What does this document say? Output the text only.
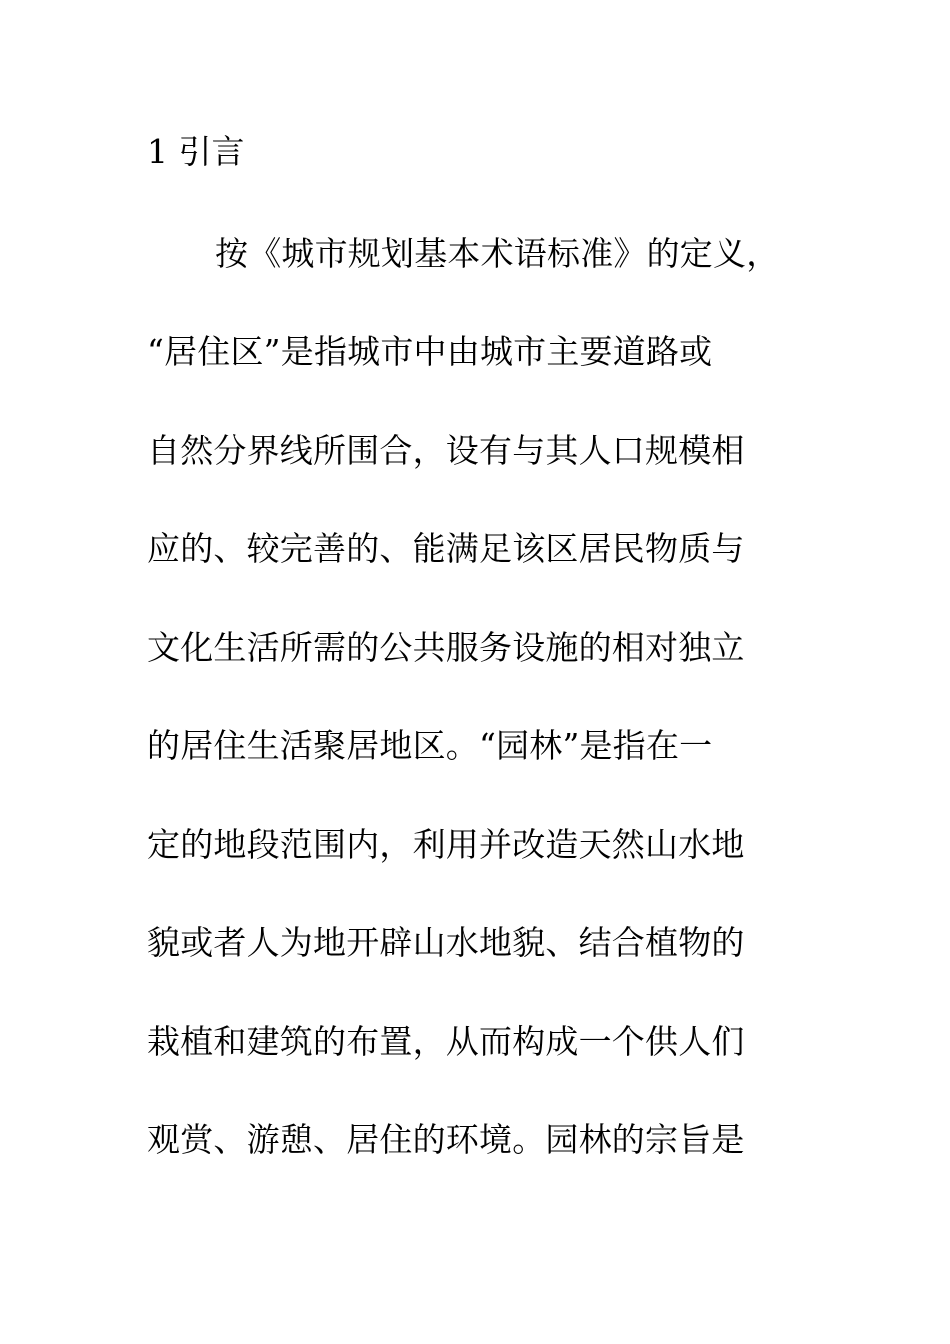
1 引言
按《城市规划基本术语标准》的定义，
“居住区”是指城市中由城市主要道路或
自然分界线所围合，设有与其人口规模相
应的、较完善的、能满足该区居民物质与
文化生活所需的公共服务设施的相对独立
的居住生活聚居地区。“园林”是指在一
定的地段范围内，利用并改造天然山水地
貌或者人为地开辟山水地貌、结合植物的
栽植和建筑的布置，从而构成一个供人们
观赏、游憩、居住的环境。园林的宗旨是
